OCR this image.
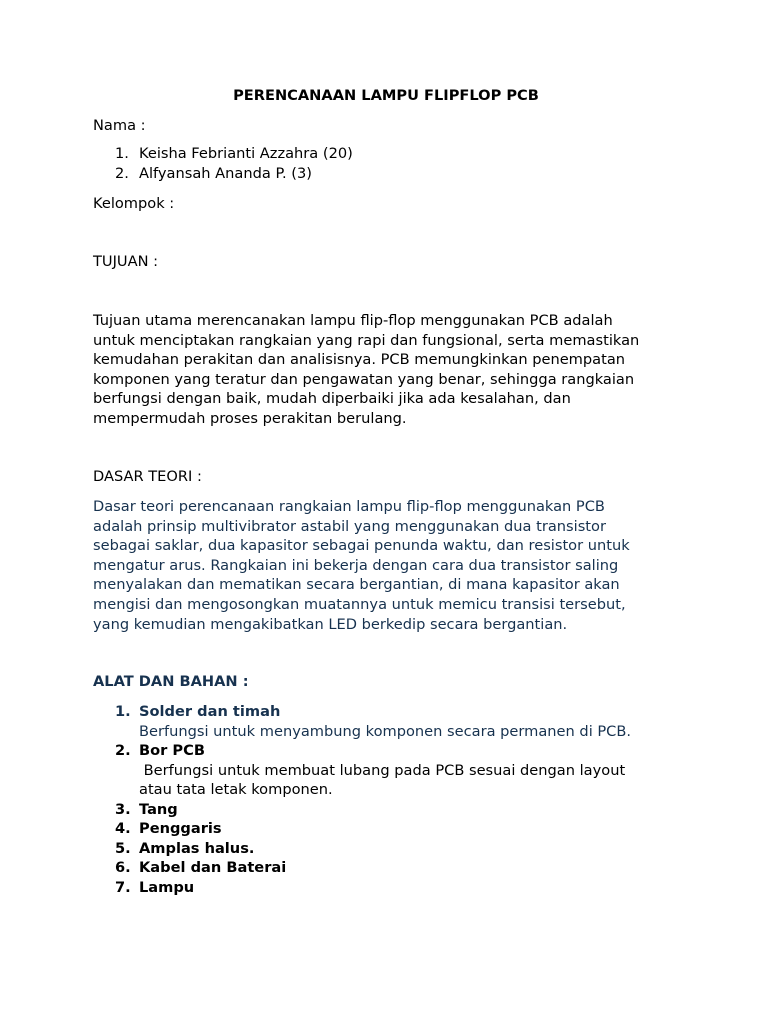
PERENCANAAN LAMPU FLIPFLOP PCB
Nama :
1. Keisha Febrianti Azzahra (20)
2. Alfyansah Ananda P. (3)
Kelompok :
TUJUAN :
Tujuan utama merencanakan lampu flip-flop menggunakan PCB adalah
untuk menciptakan rangkaian yang rapi dan fungsional, serta memastikan
kemudahan perakitan dan analisisnya. PCB memungkinkan penempatan
komponen yang teratur dan pengawatan yang benar, sehingga rangkaian
berfungsi dengan baik, mudah diperbaiki jika ada kesalahan, dan
mempermudah proses perakitan berulang.
DASAR TEORI :
Dasar teori perencanaan rangkaian lampu flip-flop menggunakan PCB
adalah prinsip multivibrator astabil yang menggunakan dua transistor
sebagai saklar, dua kapasitor sebagai penunda waktu, dan resistor untuk
mengatur arus. Rangkaian ini bekerja dengan cara dua transistor saling
menyalakan dan mematikan secara bergantian, di mana kapasitor akan
mengisi dan mengosongkan muatannya untuk memicu transisi tersebut,
yang kemudian mengakibatkan LED berkedip secara bergantian.
ALAT DAN BAHAN :
1. Solder dan timah
Berfungsi untuk menyambung komponen secara permanen di PCB.
2. Bor PCB
Berfungsi untuk membuat lubang pada PCB sesuai dengan layout
atau tata letak komponen.
3. Tang
4. Penggaris
5. Amplas halus.
6. Kabel dan Baterai
7. Lampu
